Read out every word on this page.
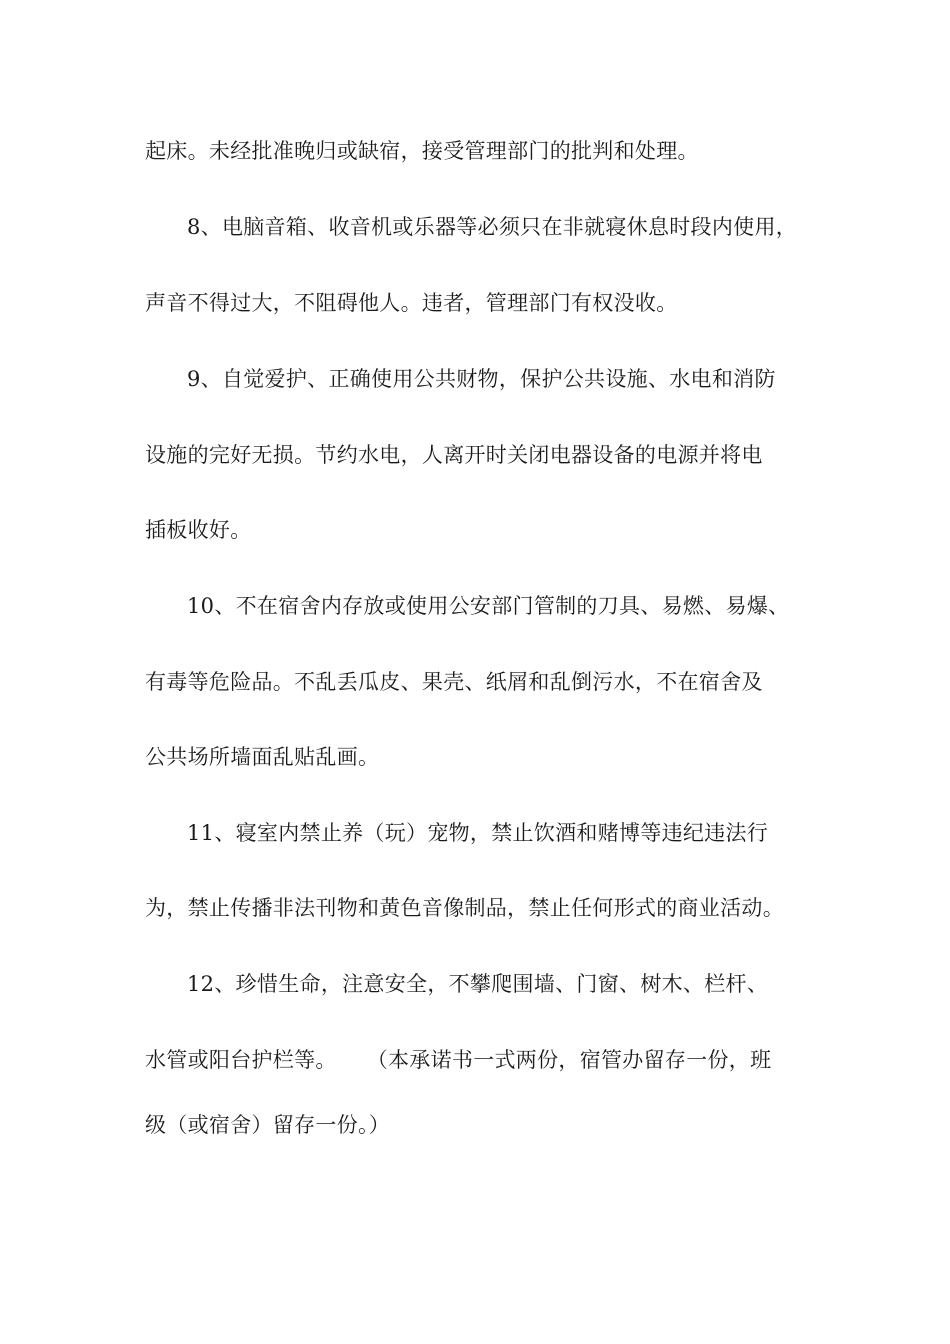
起床。未经批准晚归或缺宿，接受管理部门的批判和处理。
8、电脑音箱、收音机或乐器等必须只在非就寝休息时段内使用，
声音不得过大，不阻碍他人。违者，管理部门有权没收。
9、自觉爱护、正确使用公共财物，保护公共设施、水电和消防
设施的完好无损。节约水电，人离开时关闭电器设备的电源并将电
插板收好。
10、不在宿舍内存放或使用公安部门管制的刀具、易燃、易爆、
有毒等危险品。不乱丢瓜皮、果壳、纸屑和乱倒污水，不在宿舍及
公共场所墙面乱贴乱画。
11、寝室内禁止养（玩）宠物，禁止饮酒和赌博等违纪违法行
为，禁止传播非法刊物和黄色音像制品，禁止任何形式的商业活动。
12、珍惜生命，注意安全，不攀爬围墙、门窗、树木、栏杆、
水管或阳台护栏等。 （本承诺书一式两份，宿管办留存一份，班
级（或宿舍）留存一份。）
